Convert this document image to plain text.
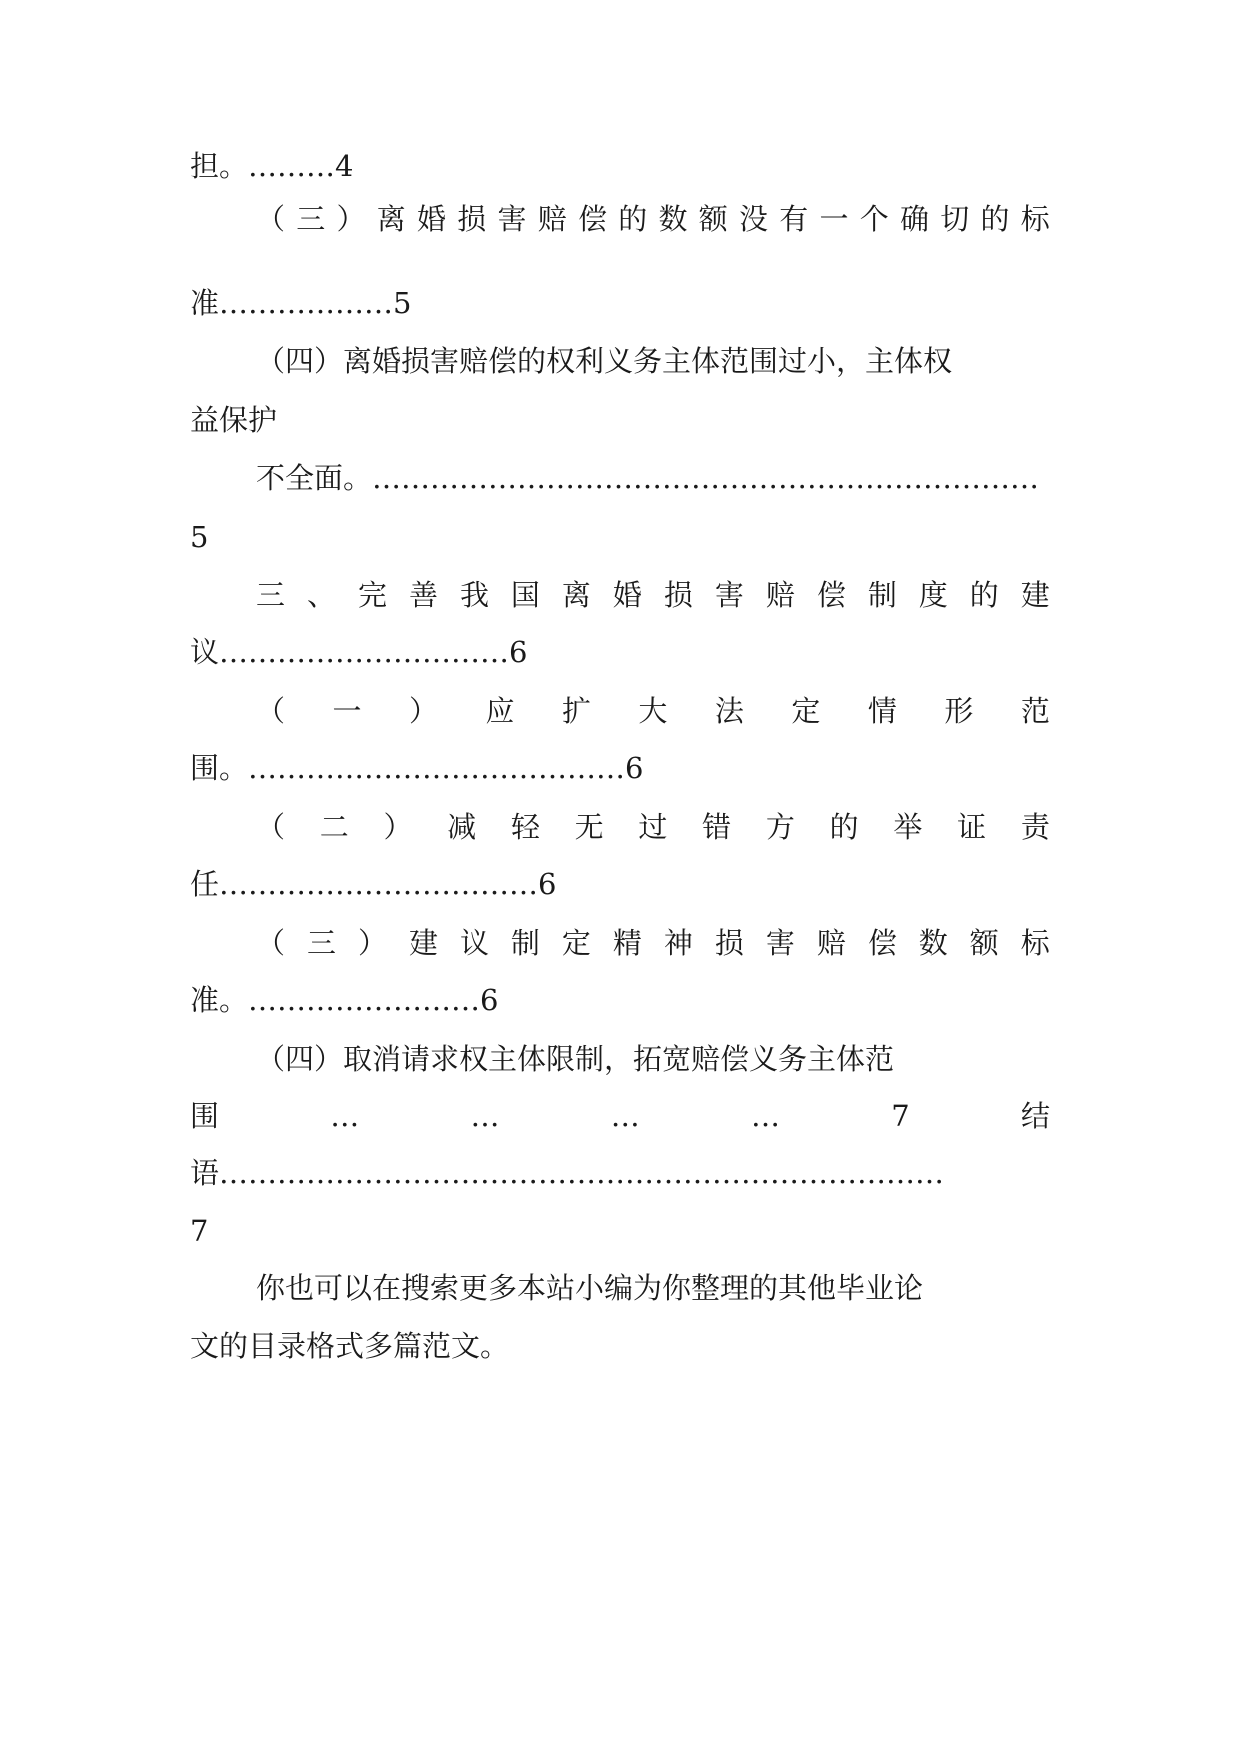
担。………4
（ 三 ） 离 婚 损 害 赔 偿 的 数 额 没 有 一 个 确 切 的 标
准………………5
（四）离婚损害赔偿的权利义务主体范围过小，主体权
益保护
不全面。……………………………………………………………
5
三 、 完 善 我 国 离 婚 损 害 赔 偿 制 度 的 建
议…………………………6
（ 一 ） 应 扩 大 法 定 情 形 范
围。…………………………………6
（ 二 ） 减 轻 无 过 错 方 的 举 证 责
任……………………………6
（ 三 ） 建 议 制 定 精 神 损 害 赔 偿 数 额 标
准。……………………6
（四）取消请求权主体限制，拓宽赔偿义务主体范
围	…	…	…	…	7	结
语…………………………………………………………………
7
你也可以在搜索更多本站小编为你整理的其他毕业论
文的目录格式多篇范文。
